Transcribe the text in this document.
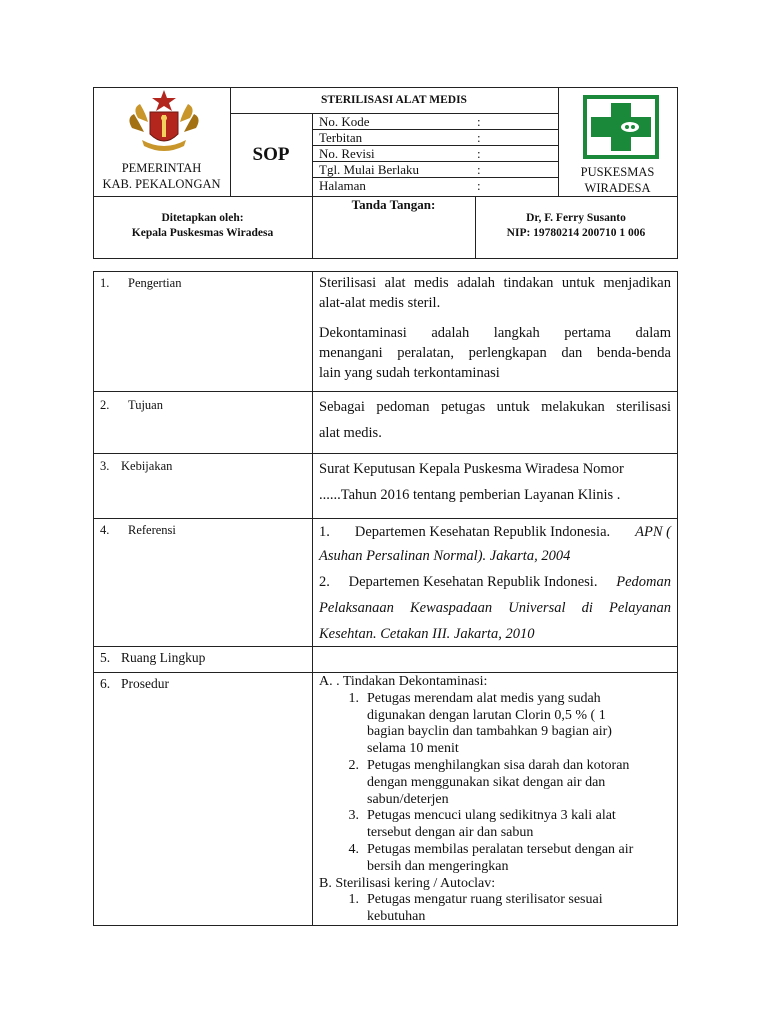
PEMERINTAH
KAB. PEKALONGAN
STERILISASI ALAT MEDIS
SOP
No. Kode	:
Terbitan	:
No. Revisi	:
Tgl. Mulai Berlaku	:
Halaman	:
PUSKESMAS
WIRADESA
Ditetapkan oleh:
Kepala Puskesmas Wiradesa
Tanda Tangan:
Dr, F. Ferry Susanto
NIP: 19780214 200710 1 006
1. Pengertian	Sterilisasi alat medis adalah tindakan untuk menjadikan
alat-alat medis steril.
Dekontaminasi adalah langkah pertama dalam
menangani peralatan, perlengkapan dan benda-benda
lain yang sudah terkontaminasi
2. Tujuan	Sebagai pedoman petugas untuk melakukan sterilisasi
alat medis.
3. Kebijakan	Surat Keputusan Kepala Puskesma Wiradesa Nomor
......Tahun 2016 tentang pemberian Layanan Klinis .
4. Referensi	1. Departemen Kesehatan Republik Indonesia. APN (
Asuhan Persalinan Normal). Jakarta, 2004
2. Departemen Kesehatan Republik Indonesi. Pedoman
Pelaksanaan Kewaspadaan Universal di Pelayanan
Kesehtan. Cetakan III. Jakarta, 2010
5. Ruang Lingkup
6. Prosedur	A. . Tindakan Dekontaminasi:
1. Petugas merendam alat medis yang sudah
digunakan dengan larutan Clorin 0,5 % ( 1
bagian bayclin dan tambahkan 9 bagian air)
selama 10 menit
2. Petugas menghilangkan sisa darah dan kotoran
dengan menggunakan sikat dengan air dan
sabun/deterjen
3. Petugas mencuci ulang sedikitnya 3 kali alat
tersebut dengan air dan sabun
4. Petugas membilas peralatan tersebut dengan air
bersih dan mengeringkan
B. Sterilisasi kering / Autoclav:
1. Petugas mengatur ruang sterilisator sesuai
kebutuhan
